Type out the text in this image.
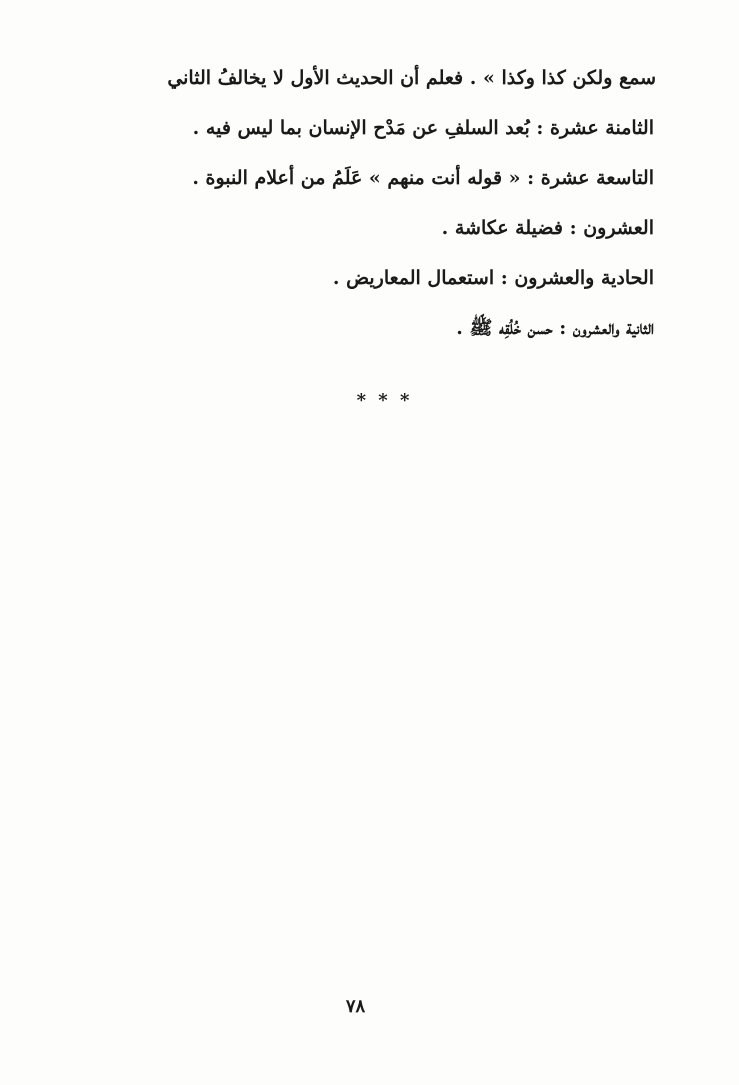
سمع ولكن كذا وكذا » . فعلم أن الحديث الأول لا يخالفُ الثاني
الثامنة عشرة : بُعد السلفِ عن مَدْح الإنسان بما ليس فيه .
التاسعة عشرة : « قوله أنت منهم » عَلَمُ من أعلام النبوة .
العشرون : فضيلة عكاشة .
الحادية والعشرون : استعمال المعاريض .
الثانية والعشرون : حسن خُلُقِه ﷺ .
* * *
٧٨
